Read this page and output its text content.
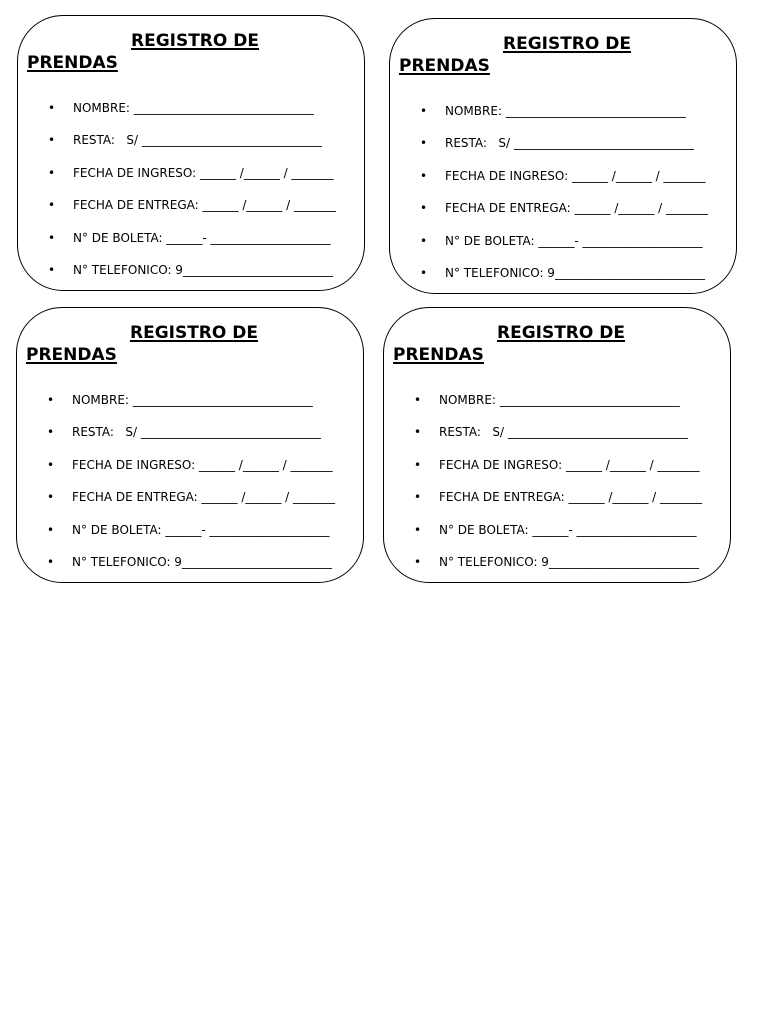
REGISTRO DE
PRENDAS
• NOMBRE: ______________________________
• RESTA:   S/ ______________________________
• FECHA DE INGRESO: ______ /______ / _______
• FECHA DE ENTREGA: ______ /______ / _______
• N° DE BOLETA: ______- ____________________
• N° TELEFONICO: 9_________________________
REGISTRO DE
PRENDAS
• NOMBRE: ______________________________
• RESTA:   S/ ______________________________
• FECHA DE INGRESO: ______ /______ / _______
• FECHA DE ENTREGA: ______ /______ / _______
• N° DE BOLETA: ______- ____________________
• N° TELEFONICO: 9_________________________
REGISTRO DE
PRENDAS
• NOMBRE: ______________________________
• RESTA:   S/ ______________________________
• FECHA DE INGRESO: ______ /______ / _______
• FECHA DE ENTREGA: ______ /______ / _______
• N° DE BOLETA: ______- ____________________
• N° TELEFONICO: 9_________________________
REGISTRO DE
PRENDAS
• NOMBRE: ______________________________
• RESTA:   S/ ______________________________
• FECHA DE INGRESO: ______ /______ / _______
• FECHA DE ENTREGA: ______ /______ / _______
• N° DE BOLETA: ______- ____________________
• N° TELEFONICO: 9_________________________
